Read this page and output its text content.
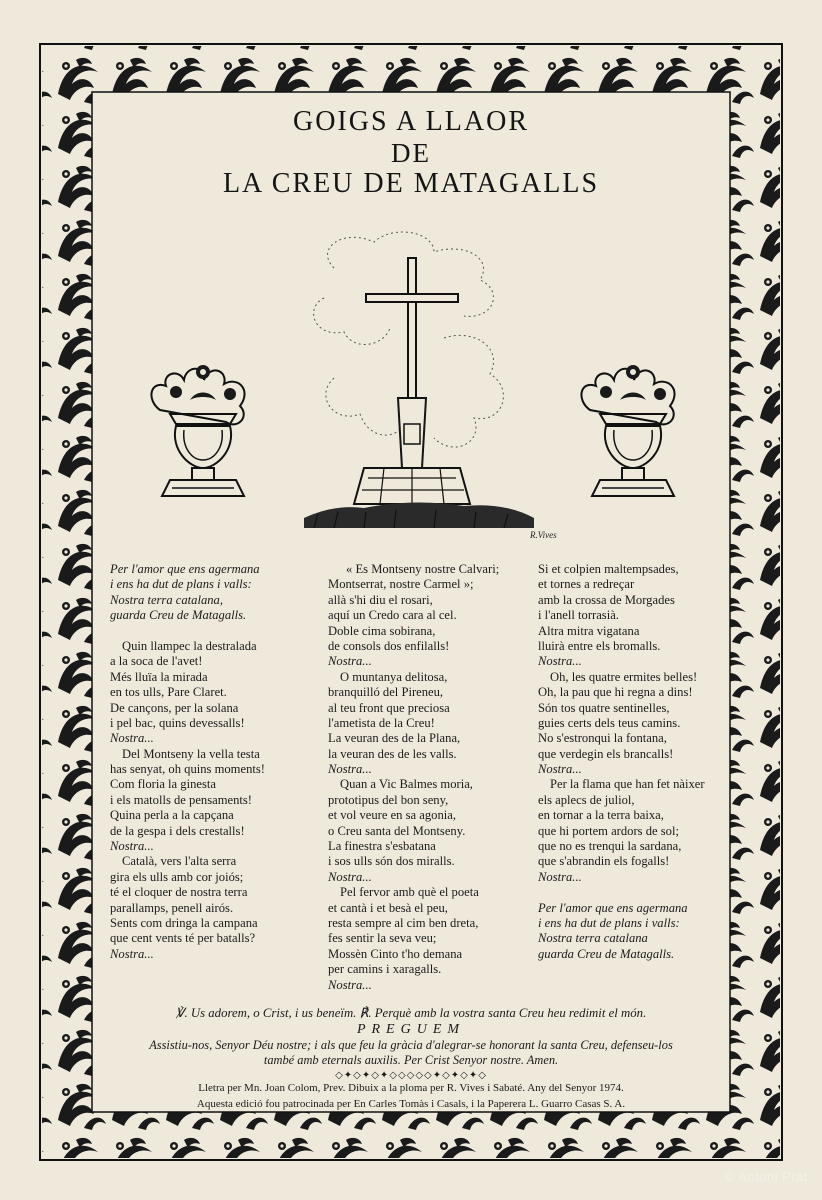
GOIGS A LLAOR
DE
LA CREU DE MATAGALLS
R.Vives
Per l'amor que ens agermana
i ens ha dut de plans i valls:
Nostra terra catalana,
guarda Creu de Matagalls.
Quin llampec la destralada
a la soca de l'avet!
Més lluïa la mirada
en tos ulls, Pare Claret.
De cançons, per la solana
i pel bac, quins devessalls!
Nostra...
Del Montseny la vella testa
has senyat, oh quins moments!
Com floria la ginesta
i els matolls de pensaments!
Quina perla a la capçana
de la gespa i dels crestalls!
Nostra...
Català, vers l'alta serra
gira els ulls amb cor joiós;
té el cloquer de nostra terra
parallamps, penell airós.
Sents com dringa la campana
que cent vents té per batalls?
Nostra...
« Es Montseny nostre Calvari;
Montserrat, nostre Carmel »;
allà s'hi diu el rosari,
aquí un Credo cara al cel.
Doble cima sobirana,
de consols dos enfilalls!
Nostra...
O muntanya delitosa,
branquilló del Pireneu,
al teu front que preciosa
l'ametista de la Creu!
La veuran des de la Plana,
la veuran des de les valls.
Nostra...
Quan a Vic Balmes moria,
prototipus del bon seny,
et vol veure en sa agonia,
o Creu santa del Montseny.
La finestra s'esbatana
i sos ulls són dos miralls.
Nostra...
Pel fervor amb què el poeta
et cantà i et besà el peu,
resta sempre al cim ben dreta,
fes sentir la seva veu;
Mossèn Cinto t'ho demana
per camins i xaragalls.
Nostra...
Si et colpien maltempsades,
et tornes a redreçar
amb la crossa de Morgades
i l'anell torrasià.
Altra mitra vigatana
lluirà entre els bromalls.
Nostra...
Oh, les quatre ermites belles!
Oh, la pau que hi regna a dins!
Són tos quatre sentinelles,
guies certs dels teus camins.
No s'estronqui la fontana,
que verdegin els brancalls!
Nostra...
Per la flama que han fet nàixer
els aplecs de juliol,
en tornar a la terra baixa,
que hi portem ardors de sol;
que no es trenqui la sardana,
que s'abrandin els fogalls!
Nostra...
Per l'amor que ens agermana
i ens ha dut de plans i valls:
Nostra terra catalana
guarda Creu de Matagalls.
℣. Us adorem, o Crist, i us beneïm. ℟. Perquè amb la vostra santa Creu heu redimit el món.
PREGUEM
Assistiu-nos, Senyor Déu nostre; i als que feu la gràcia d'alegrar-se honorant la santa Creu, defenseu-los
també amb eternals auxilis. Per Crist Senyor nostre. Amen.
◇✦◇✦◇✦◇◇◇◇◇✦◇✦◇✦◇
Lletra per Mn. Joan Colom, Prev. Dibuix a la ploma per R. Vives i Sabaté. Any del Senyor 1974.
Aquesta edició fou patrocinada per En Carles Tomàs i Casals, i la Paperera L. Guarro Casas S. A.
© Antoni Prat
